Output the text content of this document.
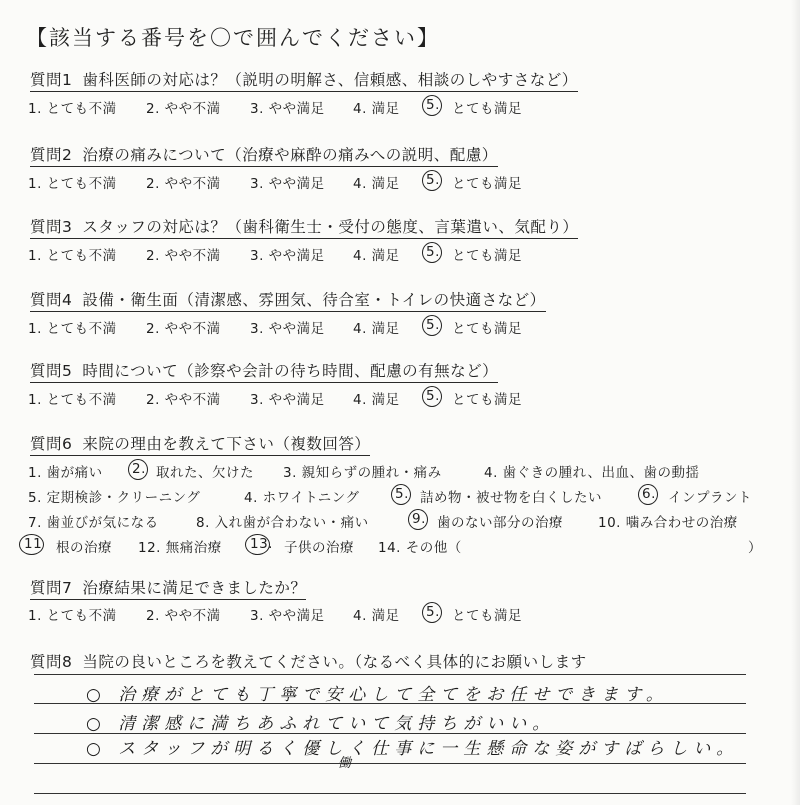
【該当する番号を〇で囲んでください】
質問1 歯科医師の対応は？（説明の明解さ、信頼感、相談のしやすさなど）
1. とても不満 2. やや不満 3. やや満足 4. 満足 5. とても満足
質問2 治療の痛みについて（治療や麻酔の痛みへの説明、配慮）
1. とても不満 2. やや不満 3. やや満足 4. 満足 5. とても満足
質問3 スタッフの対応は？（歯科衛生士・受付の態度、言葉遣い、気配り）
1. とても不満 2. やや不満 3. やや満足 4. 満足 5. とても満足
質問4 設備・衛生面（清潔感、雰囲気、待合室・トイレの快適さなど）
1. とても不満 2. やや不満 3. やや満足 4. 満足 5. とても満足
質問5 時間について（診察や会計の待ち時間、配慮の有無など）
1. とても不満 2. やや不満 3. やや満足 4. 満足 5. とても満足
質問6 来院の理由を教えて下さい（複数回答）
1. 歯が痛い 2. 取れた、欠けた 3. 親知らずの腫れ・痛み	4. 歯ぐきの腫れ、出血、歯の動揺
5. 定期検診・クリーニング	4. ホワイトニング	5. 詰め物・被せ物を白くしたい	6. インプラント
7. 歯並びが気になる	8. 入れ歯が合わない・痛い	9. 歯のない部分の治療	10. 噛み合わせの治療
11 根の治療 12. 無痛治療 13. 子供の治療 14. その他（	）
質問7 治療結果に満足できましたか？
1. とても不満 2. やや不満 3. やや満足 4. 満足 5. とても満足
質問8 当院の良いところを教えてください。（なるべく具体的にお願いします
○ 治療がとても丁寧で安心して全てをお任せできます。
○ 清潔感に満ちあふれていて気持ちがいい。
○ スタッフが明るく優しく仕事に一生懸命な姿がすばらしい。
働
